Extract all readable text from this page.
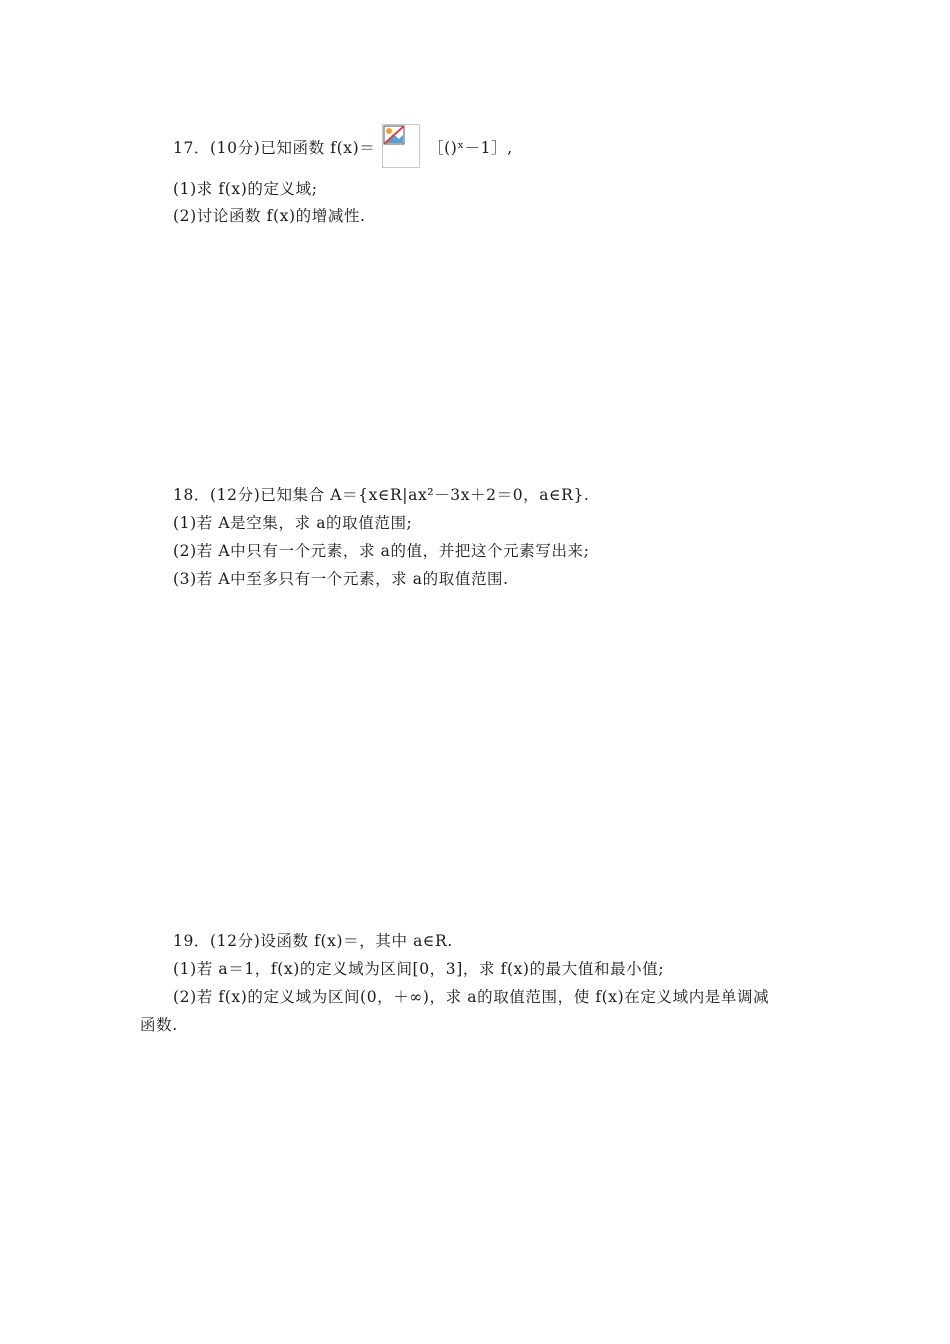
17．(10分)已知函数 f(x)＝	［()ˣ－1］,
(1)求 f(x)的定义域;
(2)讨论函数 f(x)的增减性.
18．(12分)已知集合 A＝{x∈R|ax²－3x＋2＝0，a∈R}.
(1)若 A是空集，求 a的取值范围;
(2)若 A中只有一个元素，求 a的值，并把这个元素写出来;
(3)若 A中至多只有一个元素，求 a的取值范围.
19．(12分)设函数 f(x)＝，其中 a∈R.
(1)若 a＝1，f(x)的定义域为区间[0，3]，求 f(x)的最大值和最小值;
(2)若 f(x)的定义域为区间(0，＋∞)，求 a的取值范围，使 f(x)在定义域内是单调减
函数.
